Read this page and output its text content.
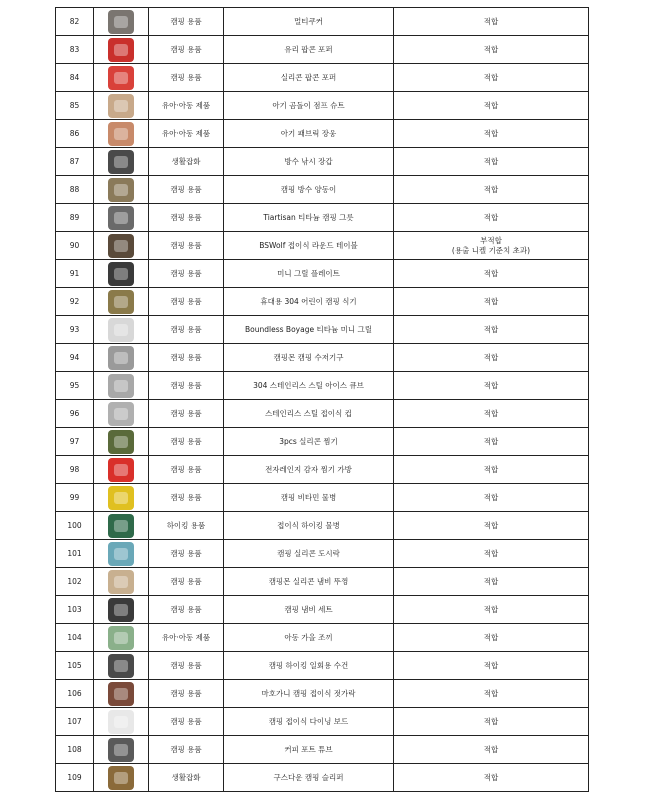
82		캠핑 용품	멀티쿠커	적합

83		캠핑 용품	유리 팝콘 포퍼	적합

84		캠핑 용품	실리콘 팝콘 포퍼	적합

85		유아·아동 제품	아기 곰돌이 점프 슈트	적합

86		유아·아동 제품	아기 패브릭 장웅	적합

87		생활잡화	방수 낚시 장갑	적합

88		캠핑 용품	캠핑 방수 양동이	적합

89		캠핑 용품	Tiartisan 티타늄 캠핑 그릇	적합

90		캠핑 용품	BSWolf 접이식 라운드 테이블	부적합
(용출 니켈 기준치 초과)

91		캠핑 용품	미니 그릴 플레이트	적합

92		캠핑 용품	휴대용 304 어린이 캠핑 식기	적합

93		캠핑 용품	Boundless Boyage 티타늄 미니 그릴	적합

94		캠핑 용품	캠핑몬 캠핑 수저기구	적합

95		캠핑 용품	304 스테인리스 스틸 아이스 큐브	적합

96		캠핑 용품	스테인리스 스틸 접이식 컵	적합

97		캠핑 용품	3pcs 실리콘 찜기	적합

98		캠핑 용품	전자레인지 감자 찜기 가방	적합

99		캠핑 용품	캠핑 비타민 물병	적합

100		하이킹 용품	접이식 하이킹 물병	적합

101		캠핑 용품	캠핑 실리콘 도시락	적합

102		캠핑 용품	캠핑몬 실리콘 냄비 뚜껑	적합

103		캠핑 용품	캠핑 냄비 세트	적합

104		유아·아동 제품	아동 가을 조끼	적합

105		캠핑 용품	캠핑 하이킹 일회용 수건	적합

106		캠핑 용품	마호가니 캠핑 접이식 젓가락	적합

107		캠핑 용품	캠핑 접이식 다이닝 보드	적합

108		캠핑 용품	커피 포트 튜브	적합

109		생활잡화	구스다운 캠핑 슬리퍼	적합
